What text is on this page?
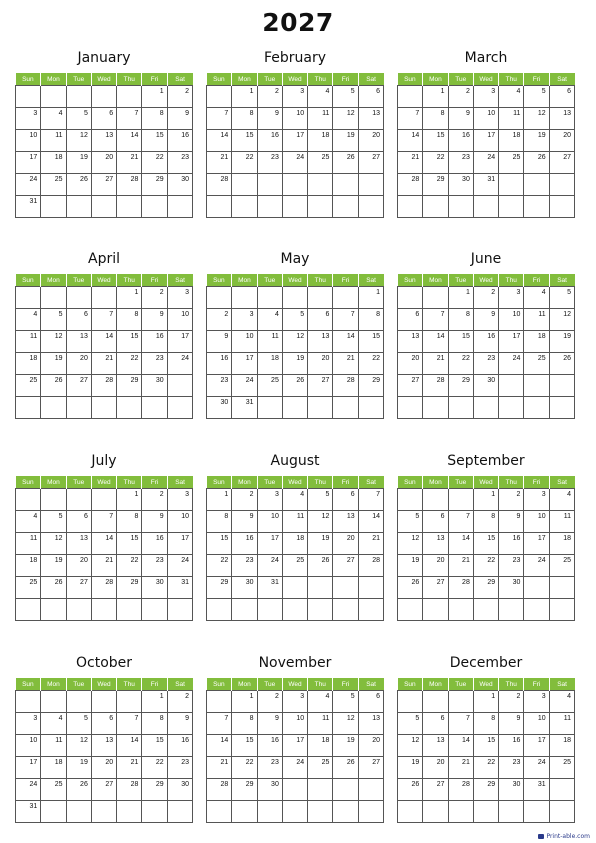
2027
January
Sun	Mon	Tue	Wed	Thu	Fri	Sat
					1	2
3	4	5	6	7	8	9
10	11	12	13	14	15	16
17	18	19	20	21	22	23
24	25	26	27	28	29	30
31						
February
Sun	Mon	Tue	Wed	Thu	Fri	Sat
	1	2	3	4	5	6
7	8	9	10	11	12	13
14	15	16	17	18	19	20
21	22	23	24	25	26	27
28						

March
Sun	Mon	Tue	Wed	Thu	Fri	Sat
	1	2	3	4	5	6
7	8	9	10	11	12	13
14	15	16	17	18	19	20
21	22	23	24	25	26	27
28	29	30	31			

April
Sun	Mon	Tue	Wed	Thu	Fri	Sat
				1	2	3
4	5	6	7	8	9	10
11	12	13	14	15	16	17
18	19	20	21	22	23	24
25	26	27	28	29	30	

May
Sun	Mon	Tue	Wed	Thu	Fri	Sat
						1
2	3	4	5	6	7	8
9	10	11	12	13	14	15
16	17	18	19	20	21	22
23	24	25	26	27	28	29
30	31					
June
Sun	Mon	Tue	Wed	Thu	Fri	Sat
		1	2	3	4	5
6	7	8	9	10	11	12
13	14	15	16	17	18	19
20	21	22	23	24	25	26
27	28	29	30			

July
Sun	Mon	Tue	Wed	Thu	Fri	Sat
				1	2	3
4	5	6	7	8	9	10
11	12	13	14	15	16	17
18	19	20	21	22	23	24
25	26	27	28	29	30	31

August
Sun	Mon	Tue	Wed	Thu	Fri	Sat
1	2	3	4	5	6	7
8	9	10	11	12	13	14
15	16	17	18	19	20	21
22	23	24	25	26	27	28
29	30	31				

September
Sun	Mon	Tue	Wed	Thu	Fri	Sat
			1	2	3	4
5	6	7	8	9	10	11
12	13	14	15	16	17	18
19	20	21	22	23	24	25
26	27	28	29	30		

October
Sun	Mon	Tue	Wed	Thu	Fri	Sat
					1	2
3	4	5	6	7	8	9
10	11	12	13	14	15	16
17	18	19	20	21	22	23
24	25	26	27	28	29	30
31						
November
Sun	Mon	Tue	Wed	Thu	Fri	Sat
	1	2	3	4	5	6
7	8	9	10	11	12	13
14	15	16	17	18	19	20
21	22	23	24	25	26	27
28	29	30				

December
Sun	Mon	Tue	Wed	Thu	Fri	Sat
			1	2	3	4
5	6	7	8	9	10	11
12	13	14	15	16	17	18
19	20	21	22	23	24	25
26	27	28	29	30	31	

Print-able.com
